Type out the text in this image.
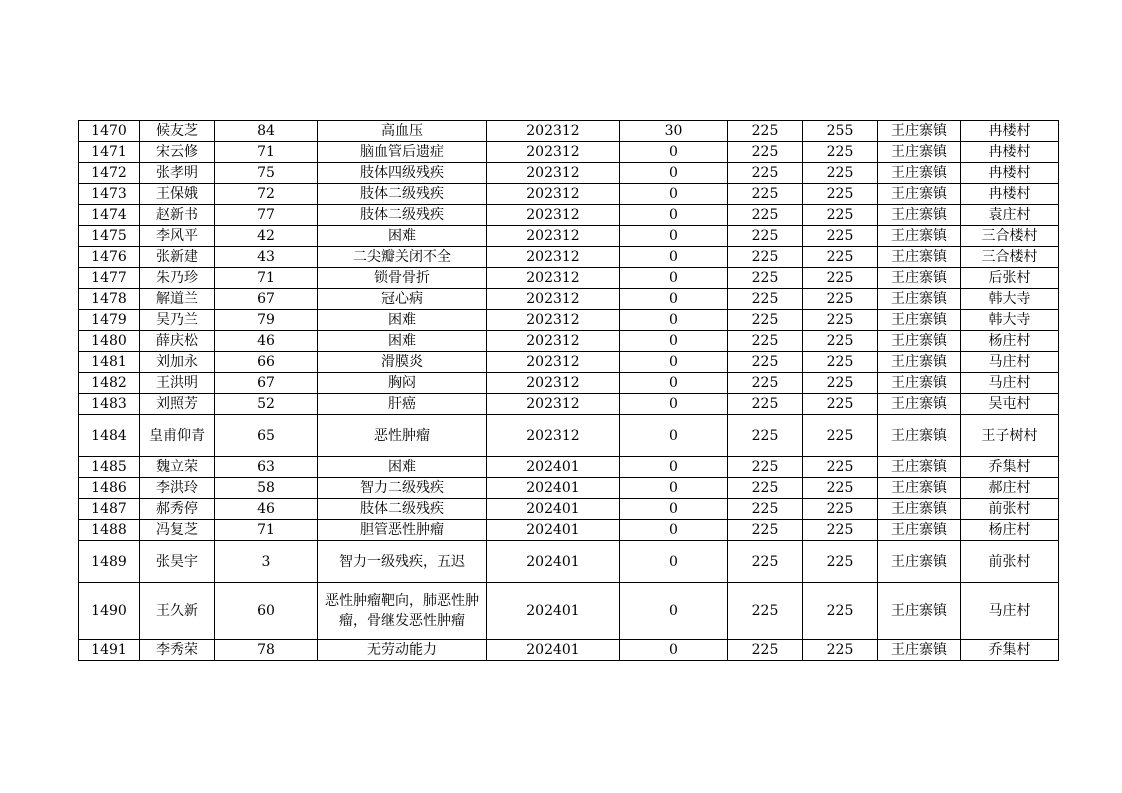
1470	候友芝	84	高血压	202312	30	225	255	王庄寨镇	冉楼村
1471	宋云修	71	脑血管后遗症	202312	0	225	225	王庄寨镇	冉楼村
1472	张孝明	75	肢体四级残疾	202312	0	225	225	王庄寨镇	冉楼村
1473	王保娥	72	肢体二级残疾	202312	0	225	225	王庄寨镇	冉楼村
1474	赵新书	77	肢体二级残疾	202312	0	225	225	王庄寨镇	袁庄村
1475	李风平	42	困难	202312	0	225	225	王庄寨镇	三合楼村
1476	张新建	43	二尖瓣关闭不全	202312	0	225	225	王庄寨镇	三合楼村
1477	朱乃珍	71	锁骨骨折	202312	0	225	225	王庄寨镇	后张村
1478	解道兰	67	冠心病	202312	0	225	225	王庄寨镇	韩大寺
1479	吴乃兰	79	困难	202312	0	225	225	王庄寨镇	韩大寺
1480	薛庆松	46	困难	202312	0	225	225	王庄寨镇	杨庄村
1481	刘加永	66	滑膜炎	202312	0	225	225	王庄寨镇	马庄村
1482	王洪明	67	胸闷	202312	0	225	225	王庄寨镇	马庄村
1483	刘照芳	52	肝癌	202312	0	225	225	王庄寨镇	吴屯村
1484	皇甫仰青	65	恶性肿瘤	202312	0	225	225	王庄寨镇	王子树村
1485	魏立荣	63	困难	202401	0	225	225	王庄寨镇	乔集村
1486	李洪玲	58	智力二级残疾	202401	0	225	225	王庄寨镇	郝庄村
1487	郝秀停	46	肢体二级残疾	202401	0	225	225	王庄寨镇	前张村
1488	冯复芝	71	胆管恶性肿瘤	202401	0	225	225	王庄寨镇	杨庄村
1489	张昊宇	3	智力一级残疾，五迟	202401	0	225	225	王庄寨镇	前张村
1490	王久新	60	恶性肿瘤靶向，肺恶性肿瘤，骨继发恶性肿瘤	202401	0	225	225	王庄寨镇	马庄村
1491	李秀荣	78	无劳动能力	202401	0	225	225	王庄寨镇	乔集村
